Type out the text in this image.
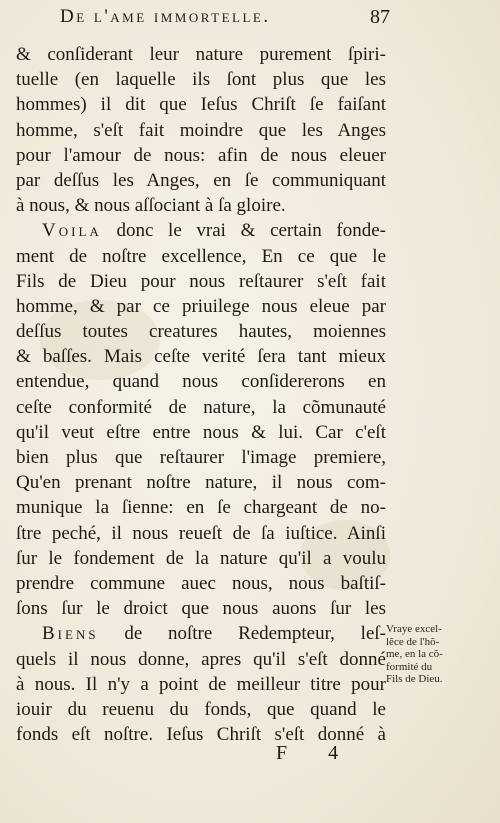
De l'ame immortelle.	87
& conſiderant leur nature purement ſpiri-
tuelle (en laquelle ils ſont plus que les
hommes) il dit que Ieſus Chriſt ſe faiſant
homme, s'eſt fait moindre que les Anges
pour l'amour de nous: afin de nous eleuer
par deſſus les Anges, en ſe communiquant
à nous, & nous aſſociant à ſa gloire.
Voila donc le vrai & certain fonde-
ment de noſtre excellence, En ce que le
Fils de Dieu pour nous reſtaurer s'eſt fait
homme, & par ce priuilege nous eleue par
deſſus toutes creatures hautes, moiennes
& baſſes. Mais ceſte verité ſera tant mieux
entendue, quand nous conſidererons en
ceſte conformité de nature, la cõmunauté
qu'il veut eſtre entre nous & lui. Car c'eſt
bien plus que reſtaurer l'image premiere,
Qu'en prenant noſtre nature, il nous com-
munique la ſienne: en ſe chargeant de no-
ſtre peché, il nous reueſt de ſa iuſtice. Ainſi
ſur le fondement de la nature qu'il a voulu
prendre commune auec nous, nous baſtiſ-
ſons ſur le droict que nous auons ſur les
Biens de noſtre Redempteur, leſ-
quels il nous donne, apres qu'il s'eſt donné
à nous. Il n'y a point de meilleur titre pour
iouir du reuenu du fonds, que quand le
fonds eſt noſtre. Ieſus Chriſt s'eſt donné à
Vraye excel-
lẽce de l'hõ-
me, en la cõ-
formité du
Fils de Dieu.
F 4
